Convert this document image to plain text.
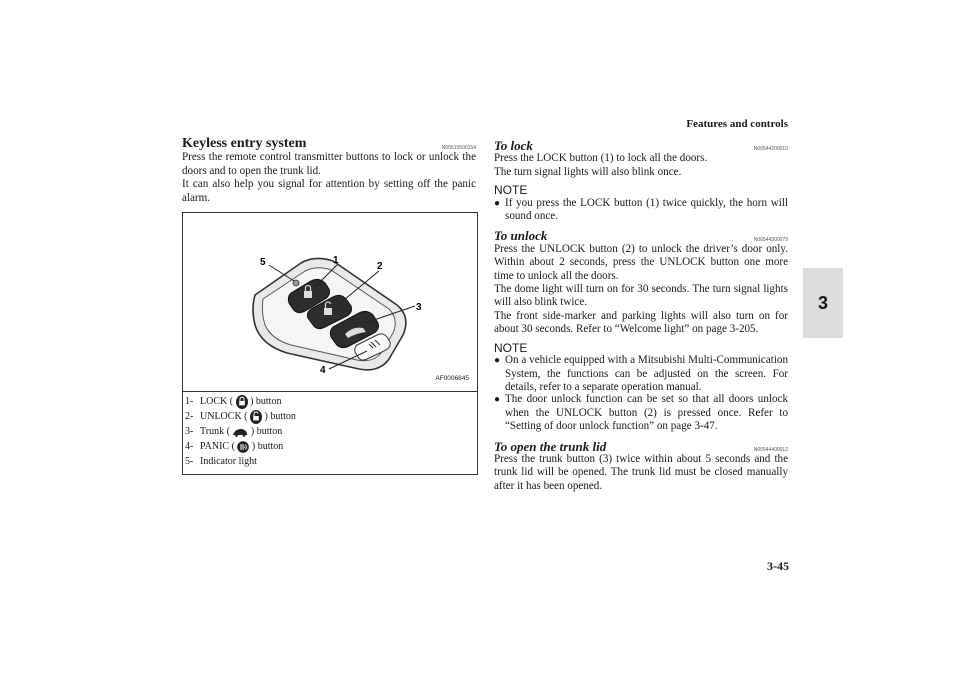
Features and controls
3
3-45
Keyless entry system	N00515500154

Press the remote control transmitter buttons to lock or unlock the doors and to open the trunk lid.

It can also help you signal for attention by setting off the panic alarm.

1
2
3
4
5
AF0006845
1- LOCK ( ) button
2- UNLOCK ( ) button
3- Trunk ( ) button
4- PANIC ( ) button
5- Indicator light
To lock	N00544200010

Press the LOCK button (1) to lock all the doors.

The turn signal lights will also blink once.

NOTE
● If you press the LOCK button (1) twice quickly, the horn will sound once.

To unlock	N00544300079

Press the UNLOCK button (2) to unlock the driver’s door only. Within about 2 seconds, press the UNLOCK button one more time to unlock all the doors.

The dome light will turn on for 30 seconds. The turn signal lights will also blink twice.

The front side-marker and parking lights will also turn on for about 30 seconds. Refer to “Welcome light” on page 3-205.

NOTE
● On a vehicle equipped with a Mitsubishi Multi-Communication System, the functions can be adjusted on the screen. For details, refer to a separate operation manual.

● The door unlock function can be set so that all doors unlock when the UNLOCK button (2) is pressed once. Refer to “Setting of door unlock function” on page 3-47.

To open the trunk lid	N00544400012

Press the trunk button (3) twice within about 5 seconds and the trunk lid will be opened. The trunk lid must be closed manually after it has been opened.
